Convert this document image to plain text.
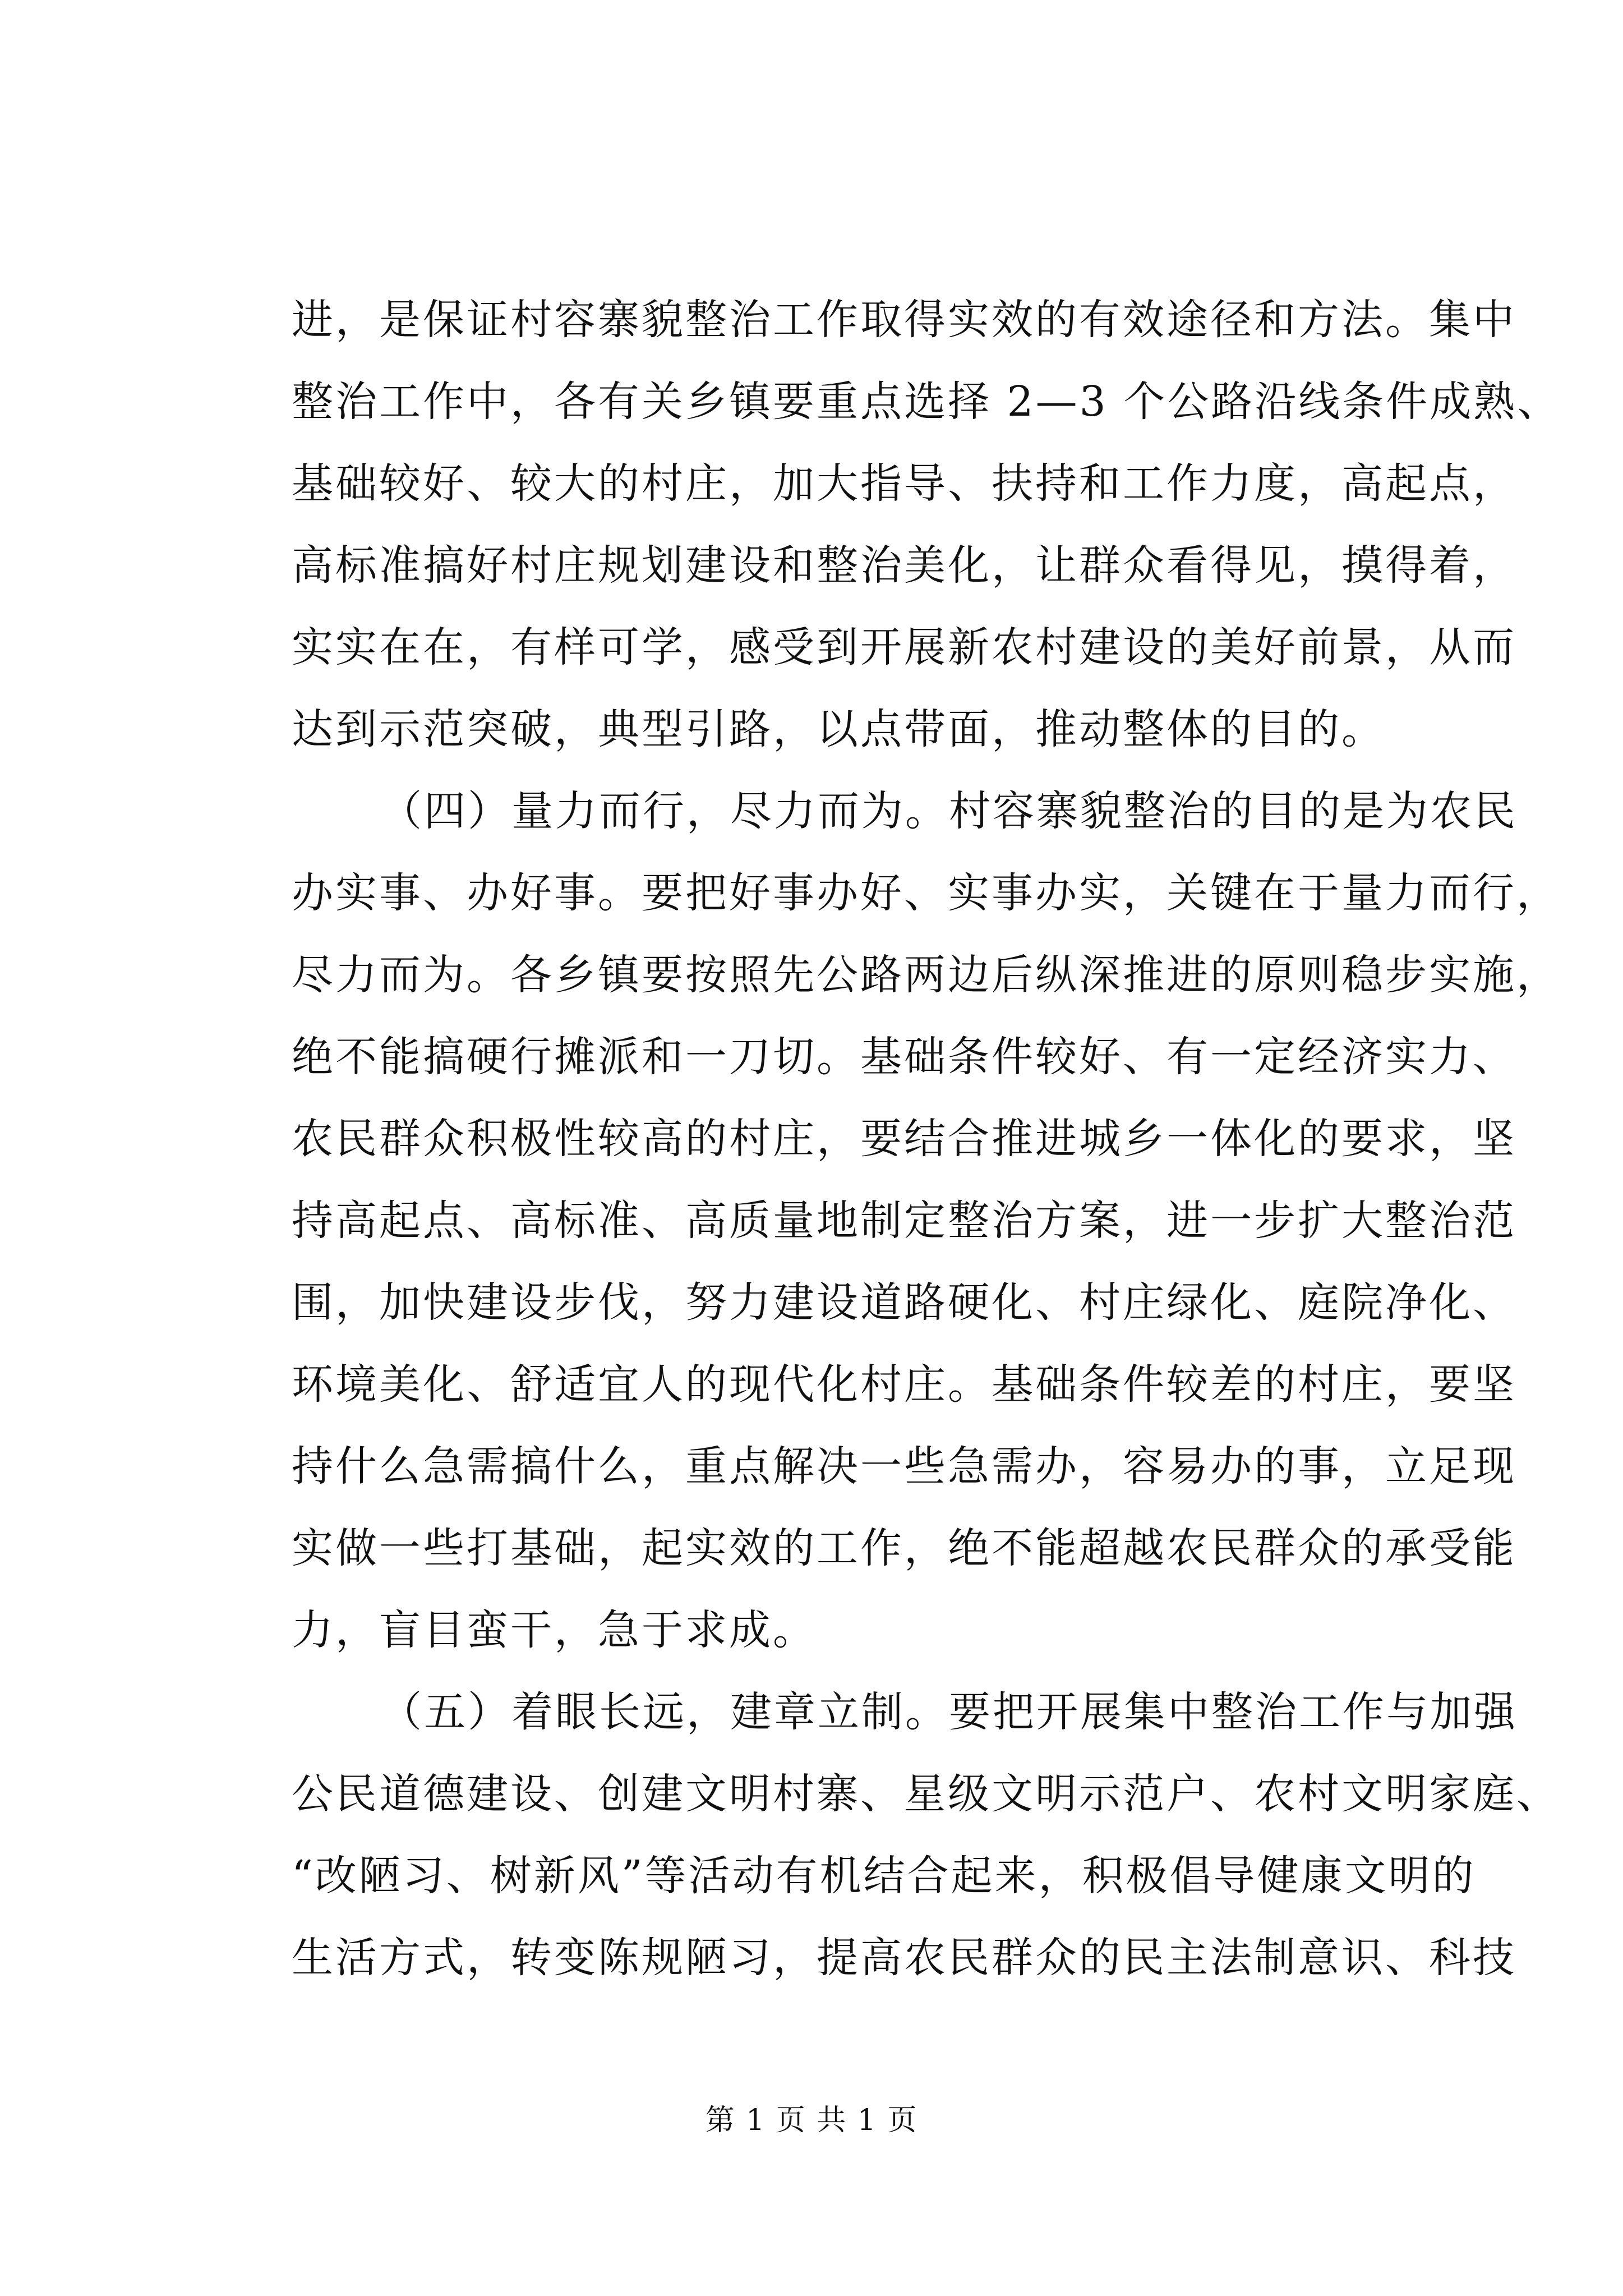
进，是保证村容寨貌整治工作取得实效的有效途径和方法。集中
整治工作中，各有关乡镇要重点选择 2—3 个公路沿线条件成熟、
基础较好、较大的村庄，加大指导、扶持和工作力度，高起点，
高标准搞好村庄规划建设和整治美化，让群众看得见，摸得着，
实实在在，有样可学，感受到开展新农村建设的美好前景，从而
达到示范突破，典型引路，以点带面，推动整体的目的。
（四）量力而行，尽力而为。村容寨貌整治的目的是为农民
办实事、办好事。要把好事办好、实事办实，关键在于量力而行，
尽力而为。各乡镇要按照先公路两边后纵深推进的原则稳步实施，
绝不能搞硬行摊派和一刀切。基础条件较好、有一定经济实力、
农民群众积极性较高的村庄，要结合推进城乡一体化的要求，坚
持高起点、高标准、高质量地制定整治方案，进一步扩大整治范
围，加快建设步伐，努力建设道路硬化、村庄绿化、庭院净化、
环境美化、舒适宜人的现代化村庄。基础条件较差的村庄，要坚
持什么急需搞什么，重点解决一些急需办，容易办的事，立足现
实做一些打基础，起实效的工作，绝不能超越农民群众的承受能
力，盲目蛮干，急于求成。
（五）着眼长远，建章立制。要把开展集中整治工作与加强
公民道德建设、创建文明村寨、星级文明示范户、农村文明家庭、
“改陋习、树新风”等活动有机结合起来，积极倡导健康文明的
生活方式，转变陈规陋习，提高农民群众的民主法制意识、科技
第 1 页 共 1 页
